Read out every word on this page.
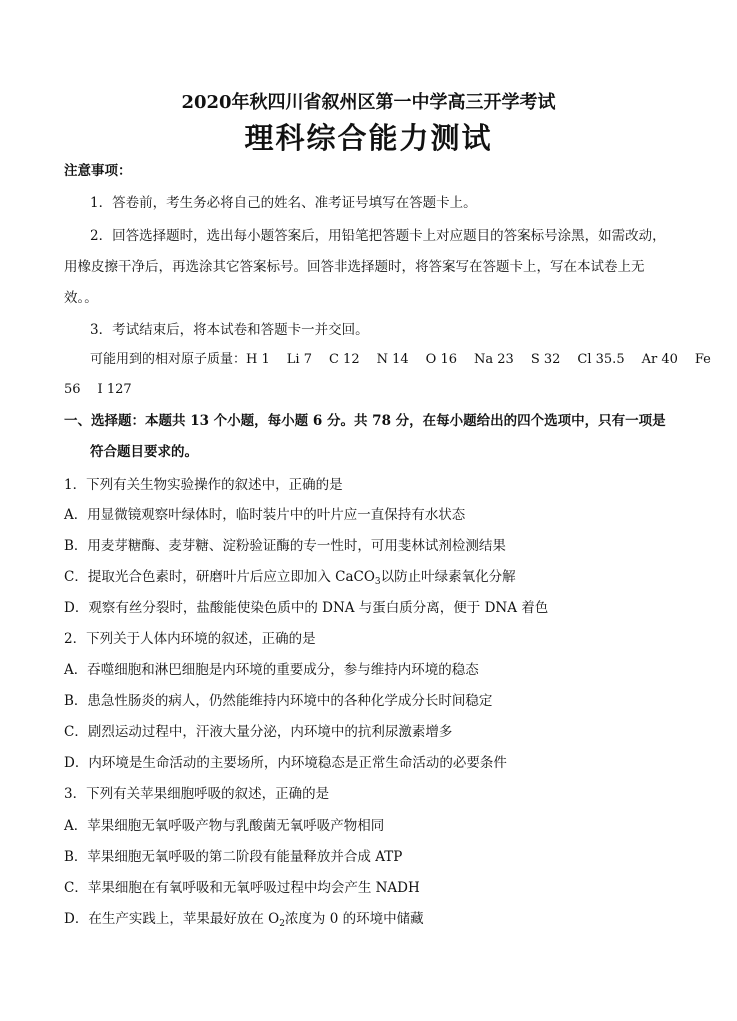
2020年秋四川省叙州区第一中学高三开学考试
理科综合能力测试
注意事项：
1．答卷前，考生务必将自己的姓名、准考证号填写在答题卡上。
2．回答选择题时，选出每小题答案后，用铅笔把答题卡上对应题目的答案标号涂黑，如需改动，
用橡皮擦干净后，再选涂其它答案标号。回答非选择题时，将答案写在答题卡上，写在本试卷上无
效。。
3．考试结束后，将本试卷和答题卡一并交回。
可能用到的相对原子质量：H 1 Li 7 C 12 N 14 O 16 Na 23 S 32 Cl 35.5 Ar 40 Fe
56 I 127
一、选择题：本题共 13 个小题，每小题 6 分。共 78 分，在每小题给出的四个选项中，只有一项是
符合题目要求的。
1．下列有关生物实验操作的叙述中，正确的是
A．用显微镜观察叶绿体时，临时装片中的叶片应一直保持有水状态
B．用麦芽糖酶、麦芽糖、淀粉验证酶的专一性时，可用斐林试剂检测结果
C．提取光合色素时，研磨叶片后应立即加入 CaCO$_3$以防止叶绿素氧化分解
D．观察有丝分裂时，盐酸能使染色质中的 DNA 与蛋白质分离，便于 DNA 着色
2．下列关于人体内环境的叙述，正确的是
A．吞噬细胞和淋巴细胞是内环境的重要成分，参与维持内环境的稳态
B．患急性肠炎的病人，仍然能维持内环境中的各种化学成分长时间稳定
C．剧烈运动过程中，汗液大量分泌，内环境中的抗利尿激素增多
D．内环境是生命活动的主要场所，内环境稳态是正常生命活动的必要条件
3．下列有关苹果细胞呼吸的叙述，正确的是
A．苹果细胞无氧呼吸产物与乳酸菌无氧呼吸产物相同
B．苹果细胞无氧呼吸的第二阶段有能量释放并合成 ATP
C．苹果细胞在有氧呼吸和无氧呼吸过程中均会产生 NADH
D．在生产实践上，苹果最好放在 $O_2$浓度为 0 的环境中储藏
